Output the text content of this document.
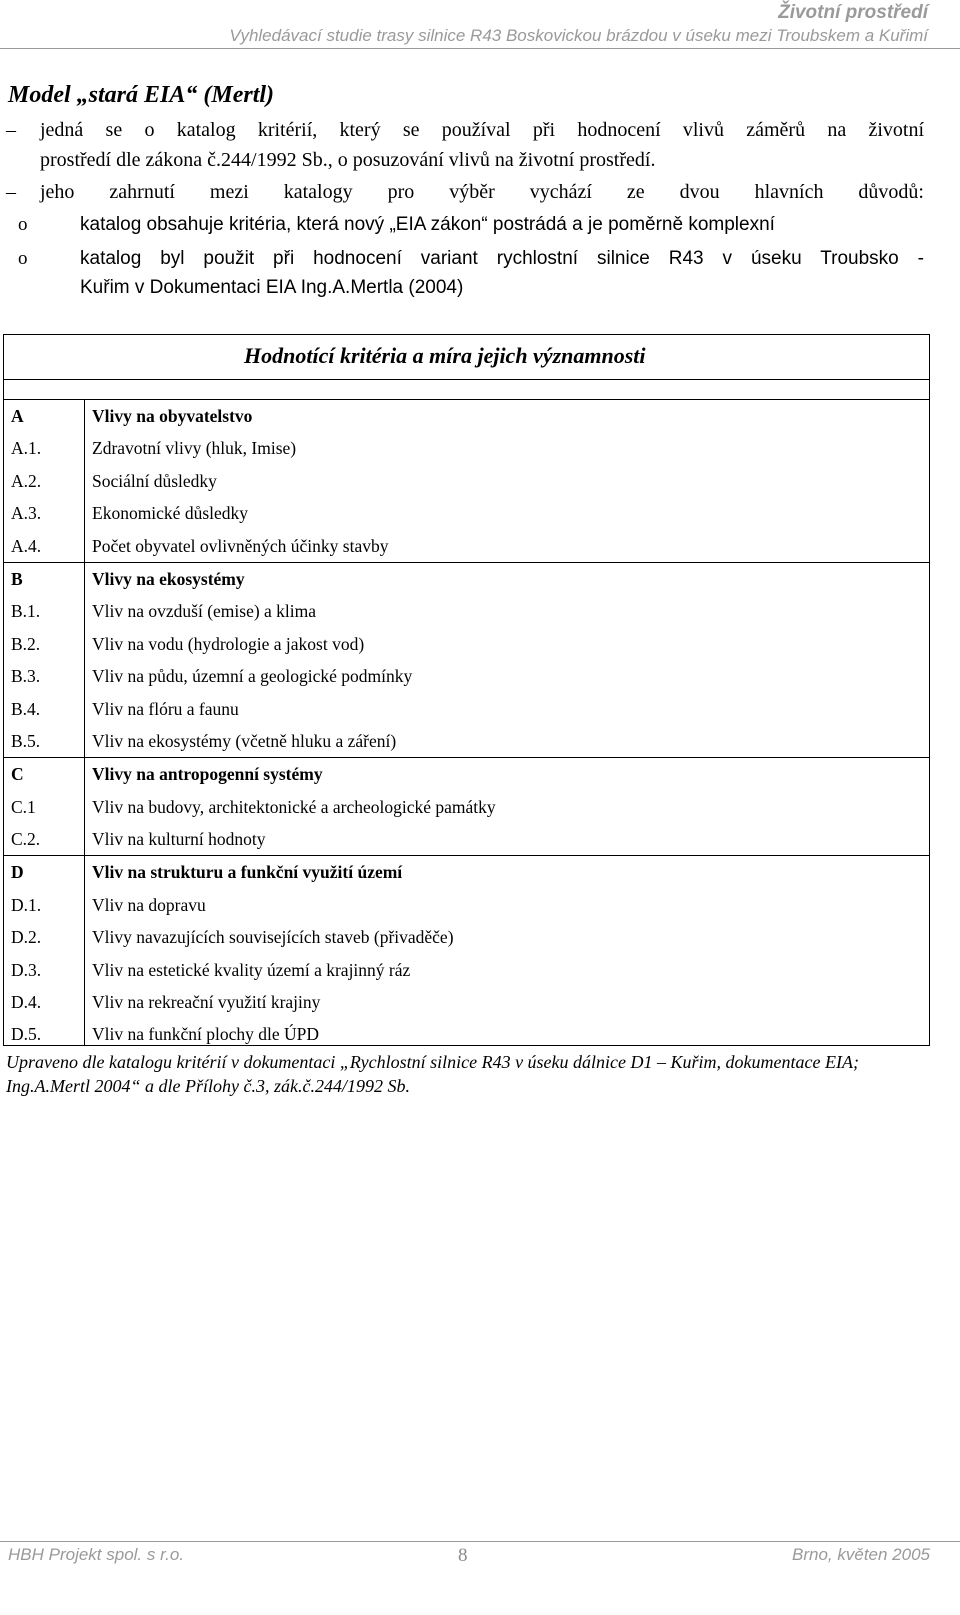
Životní prostředí
Vyhledávací studie trasy silnice R43 Boskovickou brázdou v úseku mezi Troubskem a Kuřimí
Model „stará EIA“ (Mertl)
– jedná se o katalog kritérií, který se používal při hodnocení vlivů záměrů na životní
prostředí dle zákona č.244/1992 Sb., o posuzování vlivů na životní prostředí.
– jeho zahrnutí mezi katalogy pro výběr vychází ze dvou hlavních důvodů:
o	katalog obsahuje kritéria, která nový „EIA zákon“ postrádá a je poměrně komplexní
o	katalog byl použit při hodnocení variant rychlostní silnice R43 v úseku Troubsko -
Kuřim v Dokumentaci EIA Ing.A.Mertla (2004)
Hodnotící kritéria a míra jejich významnosti
A	Vlivy na obyvatelstvo
A.1.	Zdravotní vlivy (hluk, Imise)
A.2.	Sociální důsledky
A.3.	Ekonomické důsledky
A.4.	Počet obyvatel ovlivněných účinky stavby
B	Vlivy na ekosystémy
B.1.	Vliv na ovzduší (emise) a klima
B.2.	Vliv na vodu (hydrologie a jakost vod)
B.3.	Vliv na půdu, územní a geologické podmínky
B.4.	Vliv na flóru a faunu
B.5.	Vliv na ekosystémy (včetně hluku a záření)
C	Vlivy na antropogenní systémy
C.1	Vliv na budovy, architektonické a archeologické památky
C.2.	Vliv na kulturní hodnoty
D	Vliv na strukturu a funkční využití území
D.1.	Vliv na dopravu
D.2.	Vlivy navazujících souvisejících staveb (přivaděče)
D.3.	Vliv na estetické kvality území a krajinný ráz
D.4.	Vliv na rekreační využití krajiny
D.5.	Vliv na funkční plochy dle ÚPD
Upraveno dle katalogu kritérií v dokumentaci „Rychlostní silnice R43 v úseku dálnice D1 – Kuřim, dokumentace EIA; Ing.A.Mertl 2004“ a dle Přílohy č.3, zák.č.244/1992 Sb.
HBH Projekt spol. s r.o.	8	Brno, květen 2005
